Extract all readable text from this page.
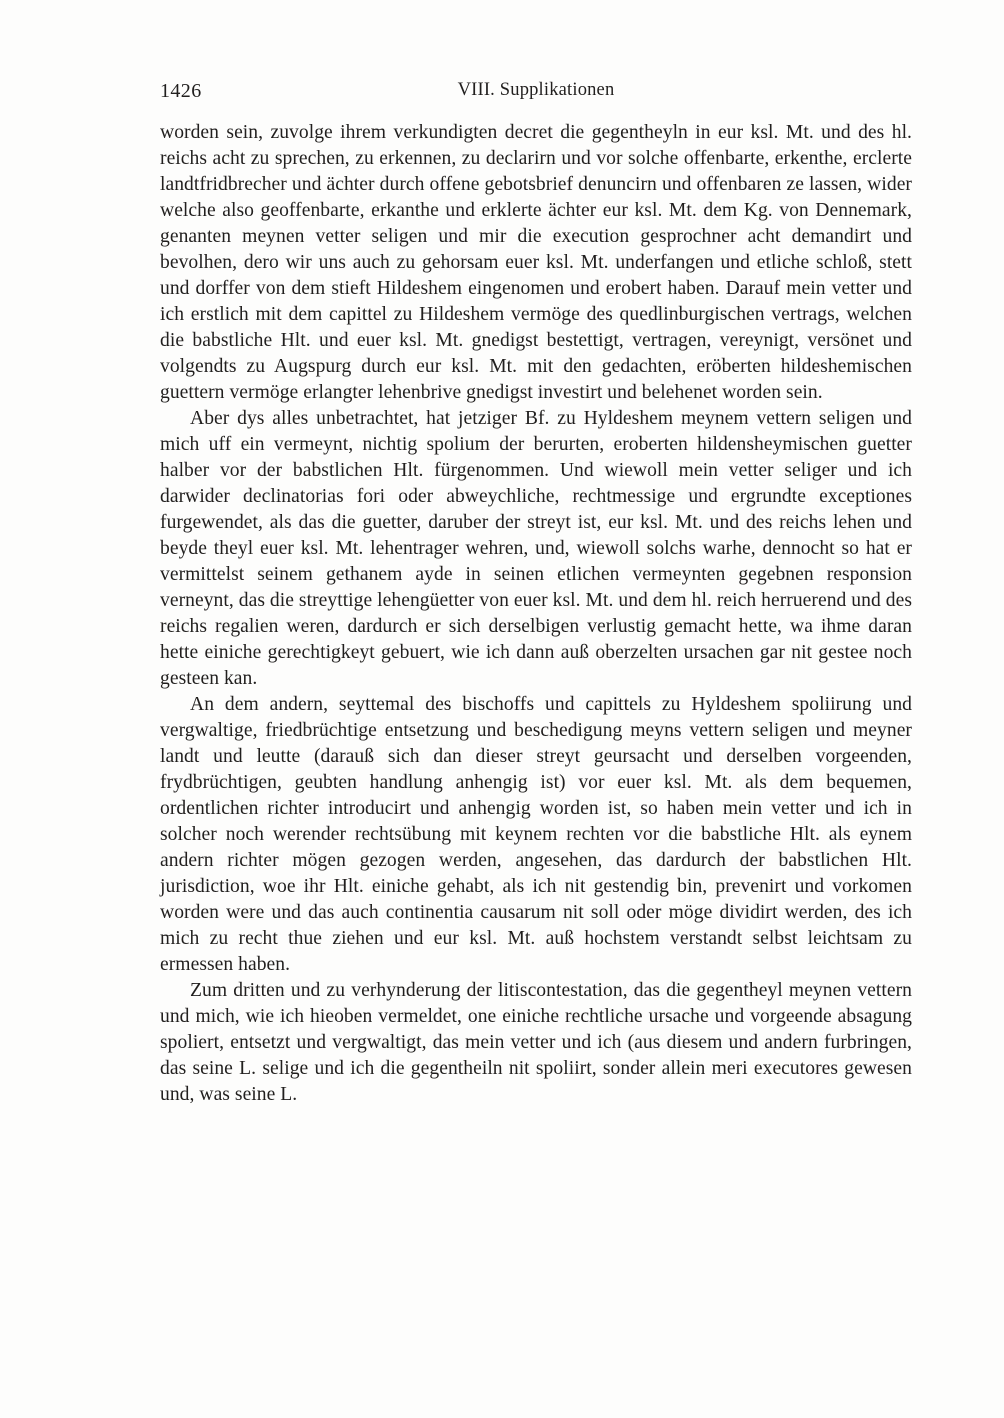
1426	VIII. Supplikationen

worden sein, zuvolge ihrem verkundigten decret die gegentheyln in eur ksl. Mt. und des hl. reichs acht zu sprechen, zu erkennen, zu declarirn und vor solche offenbarte, erkenthe, erclerte landtfridbrecher und ächter durch offene gebotsbrief denuncirn und offenbaren ze lassen, wider welche also geoffenbarte, erkanthe und erklerte ächter eur ksl. Mt. dem Kg. von Dennemark, genanten meynen vetter seligen und mir die execution gesprochner acht demandirt und bevolhen, dero wir uns auch zu gehorsam euer ksl. Mt. underfangen und etliche schloß, stett und dorffer von dem stieft Hildeshem eingenomen und erobert haben. Darauf mein vetter und ich erstlich mit dem capittel zu Hildeshem vermöge des quedlinburgischen vertrags, welchen die babstliche Hlt. und euer ksl. Mt. gnedigst bestettigt, vertragen, vereynigt, versönet und volgendts zu Augspurg durch eur ksl. Mt. mit den gedachten, eröberten hildeshemischen guettern vermöge erlangter lehenbrive gnedigst investirt und belehenet worden sein.

Aber dys alles unbetrachtet, hat jetziger Bf. zu Hyldeshem meynem vettern seligen und mich uff ein vermeynt, nichtig spolium der berurten, eroberten hildensheymischen guetter halber vor der babstlichen Hlt. fürgenommen. Und wiewoll mein vetter seliger und ich darwider declinatorias fori oder abweychliche, rechtmessige und ergrundte exceptiones furgewendet, als das die guetter, daruber der streyt ist, eur ksl. Mt. und des reichs lehen und beyde theyl euer ksl. Mt. lehentrager wehren, und, wiewoll solchs warhe, dennocht so hat er vermittelst seinem gethanem ayde in seinen etlichen vermeynten gegebnen responsion verneynt, das die streyttige lehengüetter von euer ksl. Mt. und dem hl. reich herruerend und des reichs regalien weren, dardurch er sich derselbigen verlustig gemacht hette, wa ihme daran hette einiche gerechtigkeyt gebuert, wie ich dann auß oberzelten ursachen gar nit gestee noch gesteen kan.

An dem andern, seyttemal des bischoffs und capittels zu Hyldeshem spoliirung und vergwaltige, friedbrüchtige entsetzung und beschedigung meyns vettern seligen und meyner landt und leutte (darauß sich dan dieser streyt geursacht und derselben vorgeenden, frydbrüchtigen, geubten handlung anhengig ist) vor euer ksl. Mt. als dem bequemen, ordentlichen richter introducirt und anhengig worden ist, so haben mein vetter und ich in solcher noch werender rechtsübung mit keynem rechten vor die babstliche Hlt. als eynem andern richter mögen gezogen werden, angesehen, das dardurch der babstlichen Hlt. jurisdiction, woe ihr Hlt. einiche gehabt, als ich nit gestendig bin, prevenirt und vorkomen worden were und das auch continentia causarum nit soll oder möge dividirt werden, des ich mich zu recht thue ziehen und eur ksl. Mt. auß hochstem verstandt selbst leichtsam zu ermessen haben.

Zum dritten und zu verhynderung der litiscontestation, das die gegentheyl meynen vettern und mich, wie ich hieoben vermeldet, one einiche rechtliche ursache und vorgeende absagung spoliert, entsetzt und vergwaltigt, das mein vetter und ich (aus diesem und andern furbringen, das seine L. selige und ich die gegentheiln nit spoliirt, sonder allein meri executores gewesen und, was seine L.
